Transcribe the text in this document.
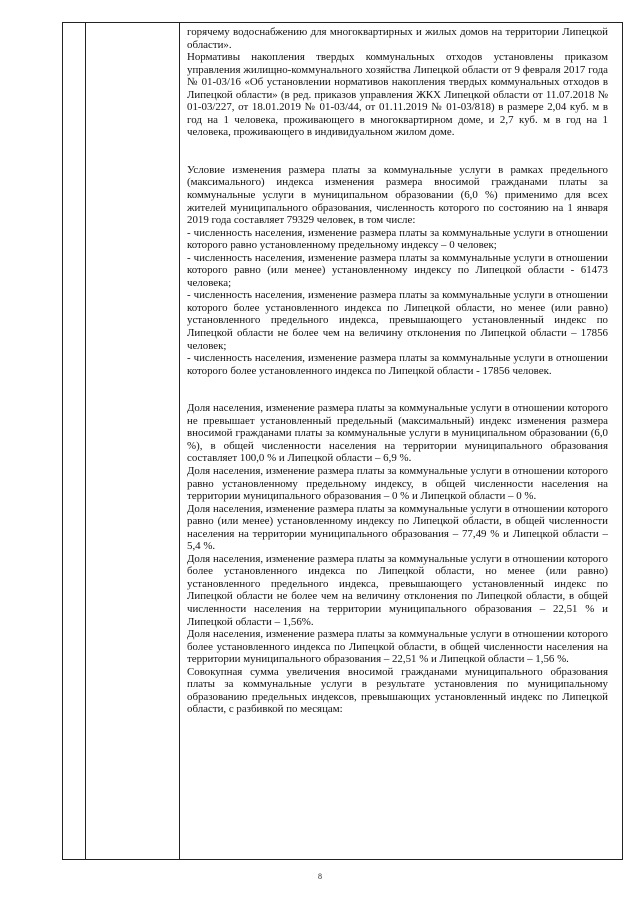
горячему водоснабжению для многоквартирных и жилых домов на территории Липецкой области».

Нормативы накопления твердых коммунальных отходов установлены приказом управления жилищно-коммунального хозяйства Липецкой области от 9 февраля 2017 года № 01-03/16 «Об установлении нормативов накопления твердых коммунальных отходов в Липецкой области» (в ред. приказов управления ЖКХ Липецкой области от 11.07.2018 № 01-03/227, от 18.01.2019 № 01-03/44, от 01.11.2019 № 01-03/818) в размере 2,04 куб. м в год на 1 человека, проживающего в многоквартирном доме, и 2,7 куб. м в год на 1 человека, проживающего в индивидуальном жилом доме.

Условие изменения размера платы за коммунальные услуги в рамках предельного (максимального) индекса изменения размера вносимой гражданами платы за коммунальные услуги в муниципальном образовании (6,0 %) применимо для всех жителей муниципального образования, численность которого по состоянию на 1 января 2019 года составляет 79329 человек, в том числе:

- численность населения, изменение размера платы за коммунальные услуги в отношении которого равно установленному предельному индексу – 0 человек;

- численность населения, изменение размера платы за коммунальные услуги в отношении которого равно (или менее) установленному индексу по Липецкой области - 61473 человека;

- численность населения, изменение размера платы за коммунальные услуги в отношении которого более установленного индекса по Липецкой области, но менее (или равно) установленного предельного индекса, превышающего установленный индекс по Липецкой области не более чем на величину отклонения по Липецкой области – 17856 человек;

- численность населения, изменение размера платы за коммунальные услуги в отношении которого более установленного индекса по Липецкой области - 17856 человек.

Доля населения, изменение размера платы за коммунальные услуги в отношении которого не превышает установленный предельный (максимальный) индекс изменения размера вносимой гражданами платы за коммунальные услуги в муниципальном образовании (6,0 %), в общей численности населения на территории муниципального образования составляет 100,0 % и Липецкой области – 6,9 %.

Доля населения, изменение размера платы за коммунальные услуги в отношении которого равно установленному предельному индексу, в общей численности населения на территории муниципального образования – 0 % и Липецкой области – 0 %.

Доля населения, изменение размера платы за коммунальные услуги в отношении которого равно (или менее) установленному индексу по Липецкой области, в общей численности населения на территории муниципального образования – 77,49 % и Липецкой области – 5,4 %.

Доля населения, изменение размера платы за коммунальные услуги в отношении которого более установленного индекса по Липецкой области, но менее (или равно) установленного предельного индекса, превышающего установленный индекс по Липецкой области не более чем на величину отклонения по Липецкой области, в общей численности населения на территории муниципального образования – 22,51 % и Липецкой области – 1,56%.

Доля населения, изменение размера платы за коммунальные услуги в отношении которого более установленного индекса по Липецкой области, в общей численности населения на территории муниципального образования – 22,51 % и Липецкой области – 1,56 %.

Совокупная сумма увеличения вносимой гражданами муниципального образования платы за коммунальные услуги в результате установления по муниципальному образованию предельных индексов, превышающих установленный индекс по Липецкой области, с разбивкой по месяцам:

8
